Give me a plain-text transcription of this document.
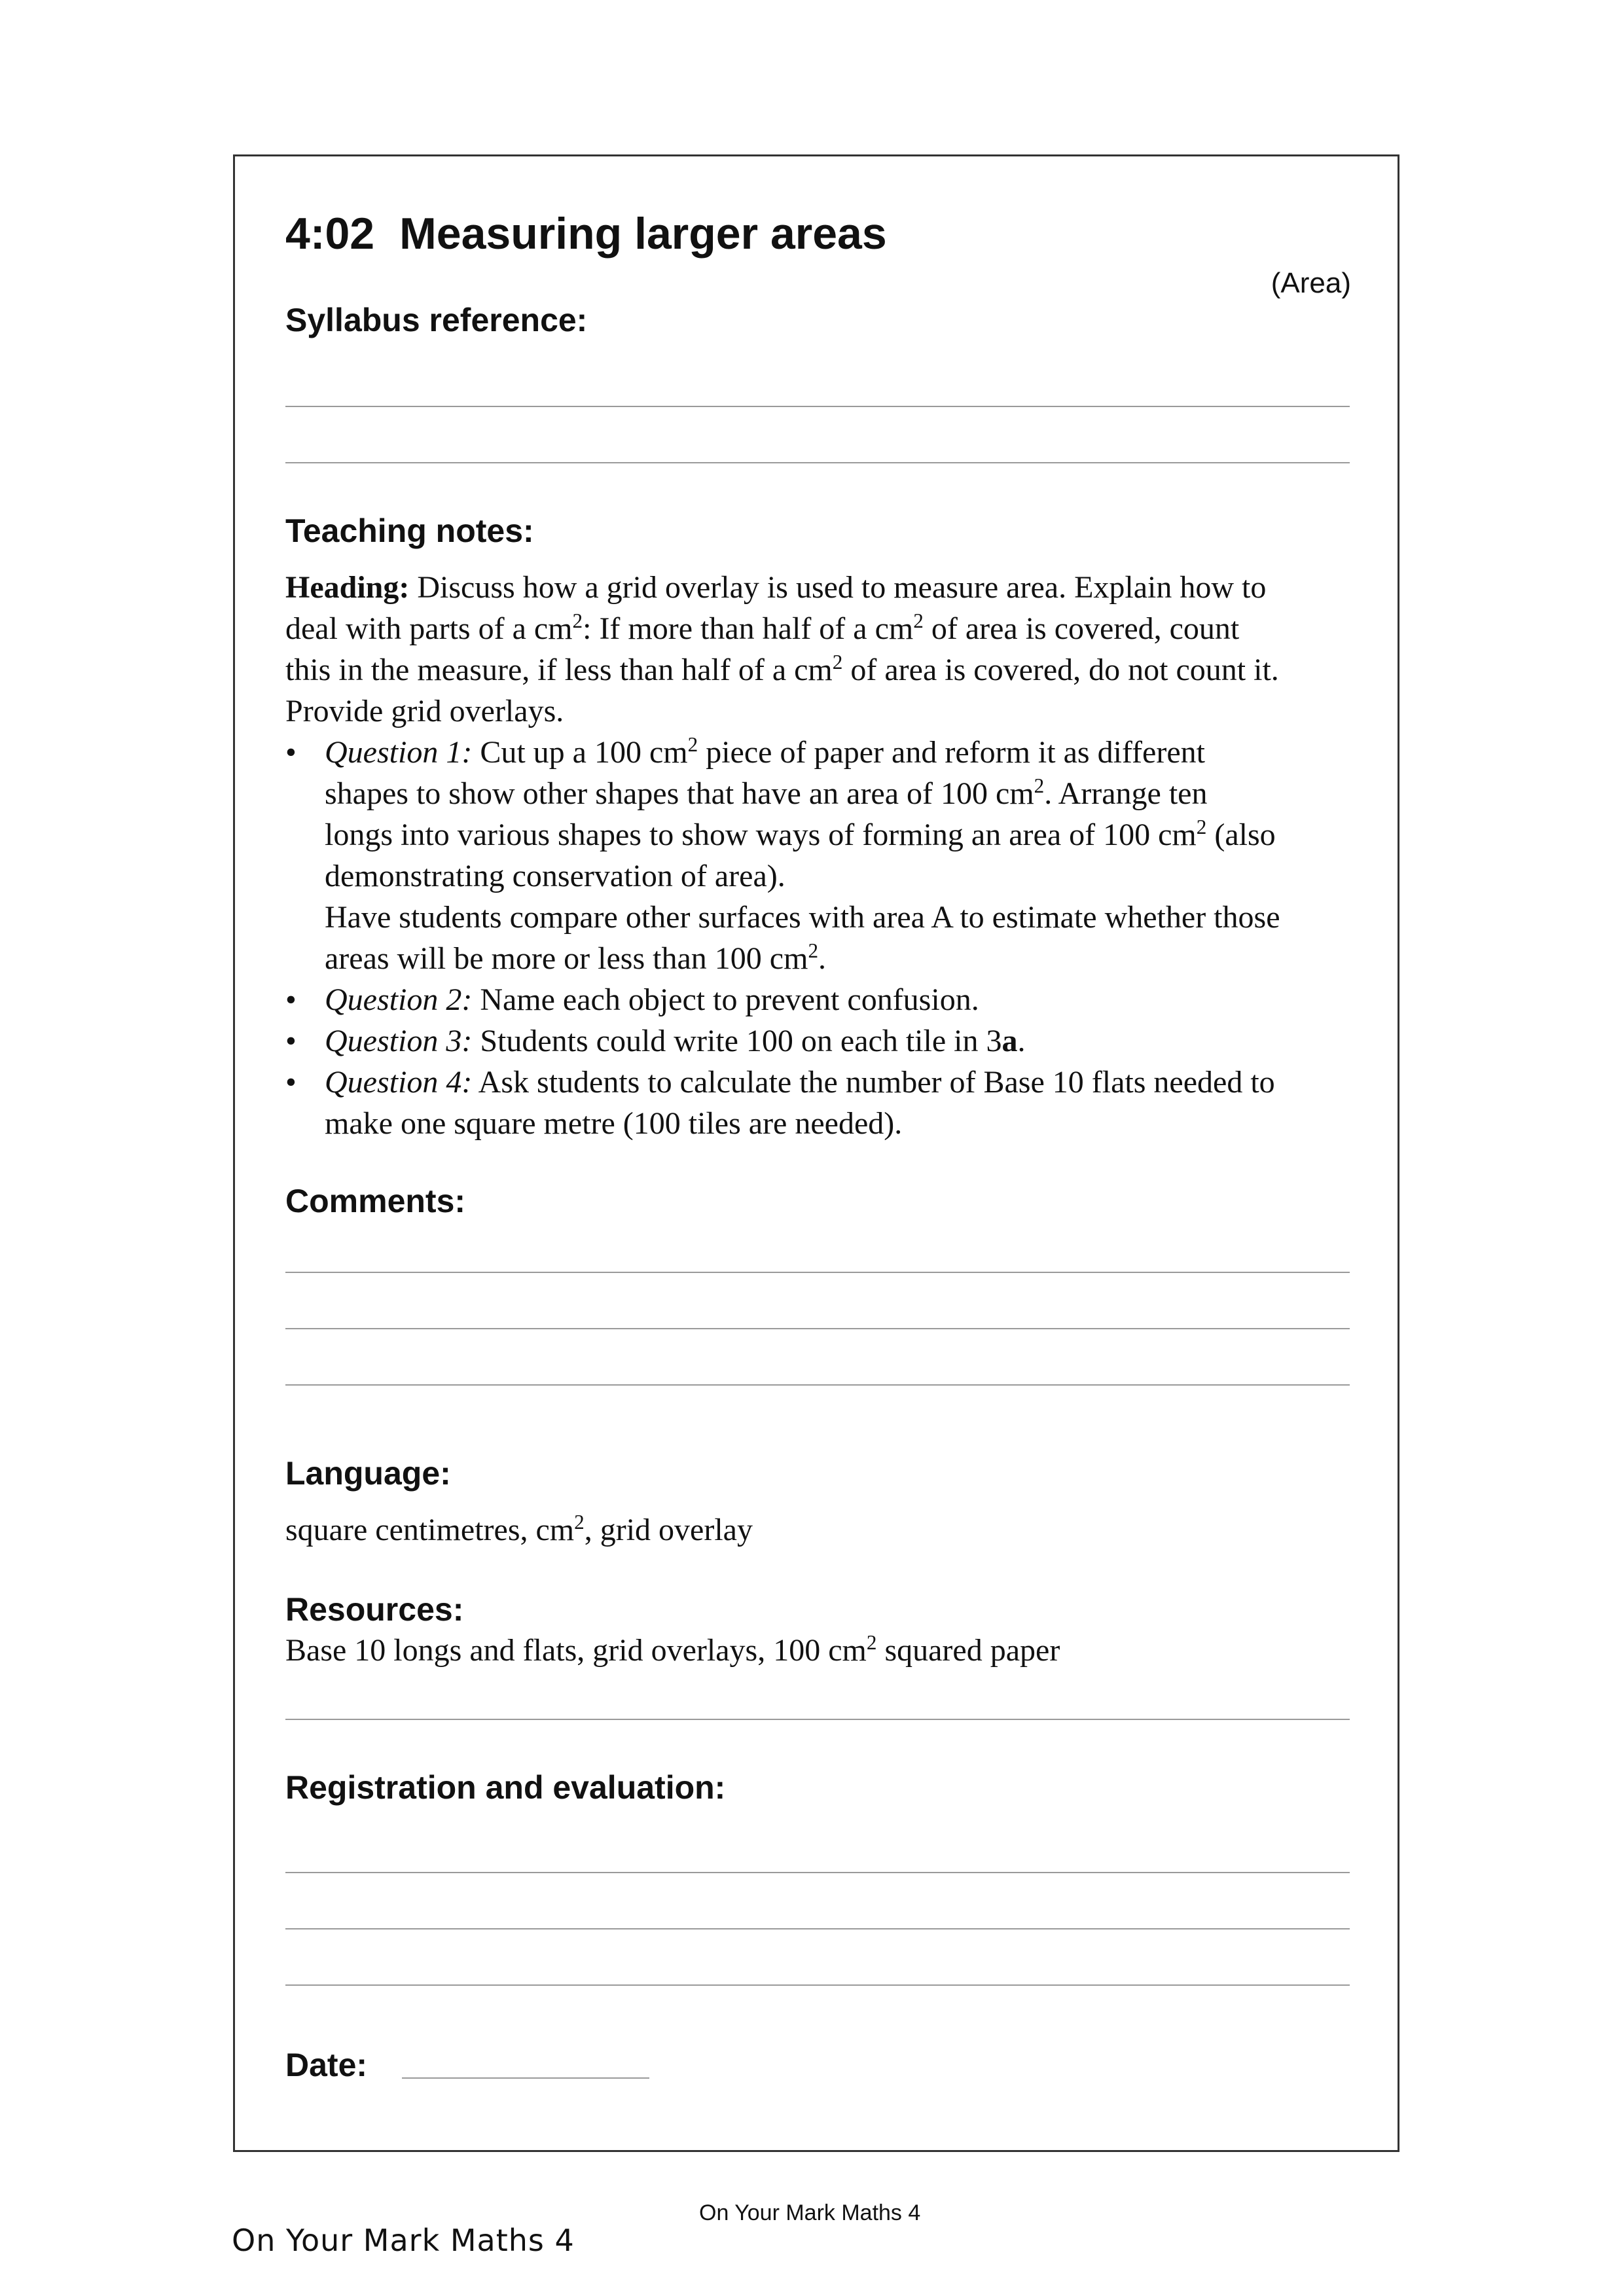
4:02 Measuring larger areas
(Area)
Syllabus reference:
Teaching notes:

Heading: Discuss how a grid overlay is used to measure area. Explain how to

deal with parts of a $cm^2$: If more than half of a $cm^2$ of area is covered, count

this in the measure, if less than half of a $cm^2$ of area is covered, do not count it.

Provide grid overlays.

• Question 1: Cut up a 100 $cm^2$ piece of paper and reform it as different
shapes to show other shapes that have an area of 100 $cm^2$. Arrange ten
longs into various shapes to show ways of forming an area of 100 $cm^2$ (also
demonstrating conservation of area).
Have students compare other surfaces with area A to estimate whether those
areas will be more or less than 100 $cm^2$.
• Question 2: Name each object to prevent confusion.
• Question 3: Students could write 100 on each tile in 3a.
• Question 4: Ask students to calculate the number of Base 10 flats needed to
make one square metre (100 tiles are needed).
Comments:
Language:
square centimetres, $cm^2$, grid overlay
Resources:
Base 10 longs and flats, grid overlays, 100 $cm^2$ squared paper
Registration and evaluation:
Date:
On Your Mark Maths 4
On Your Mark Maths 4
